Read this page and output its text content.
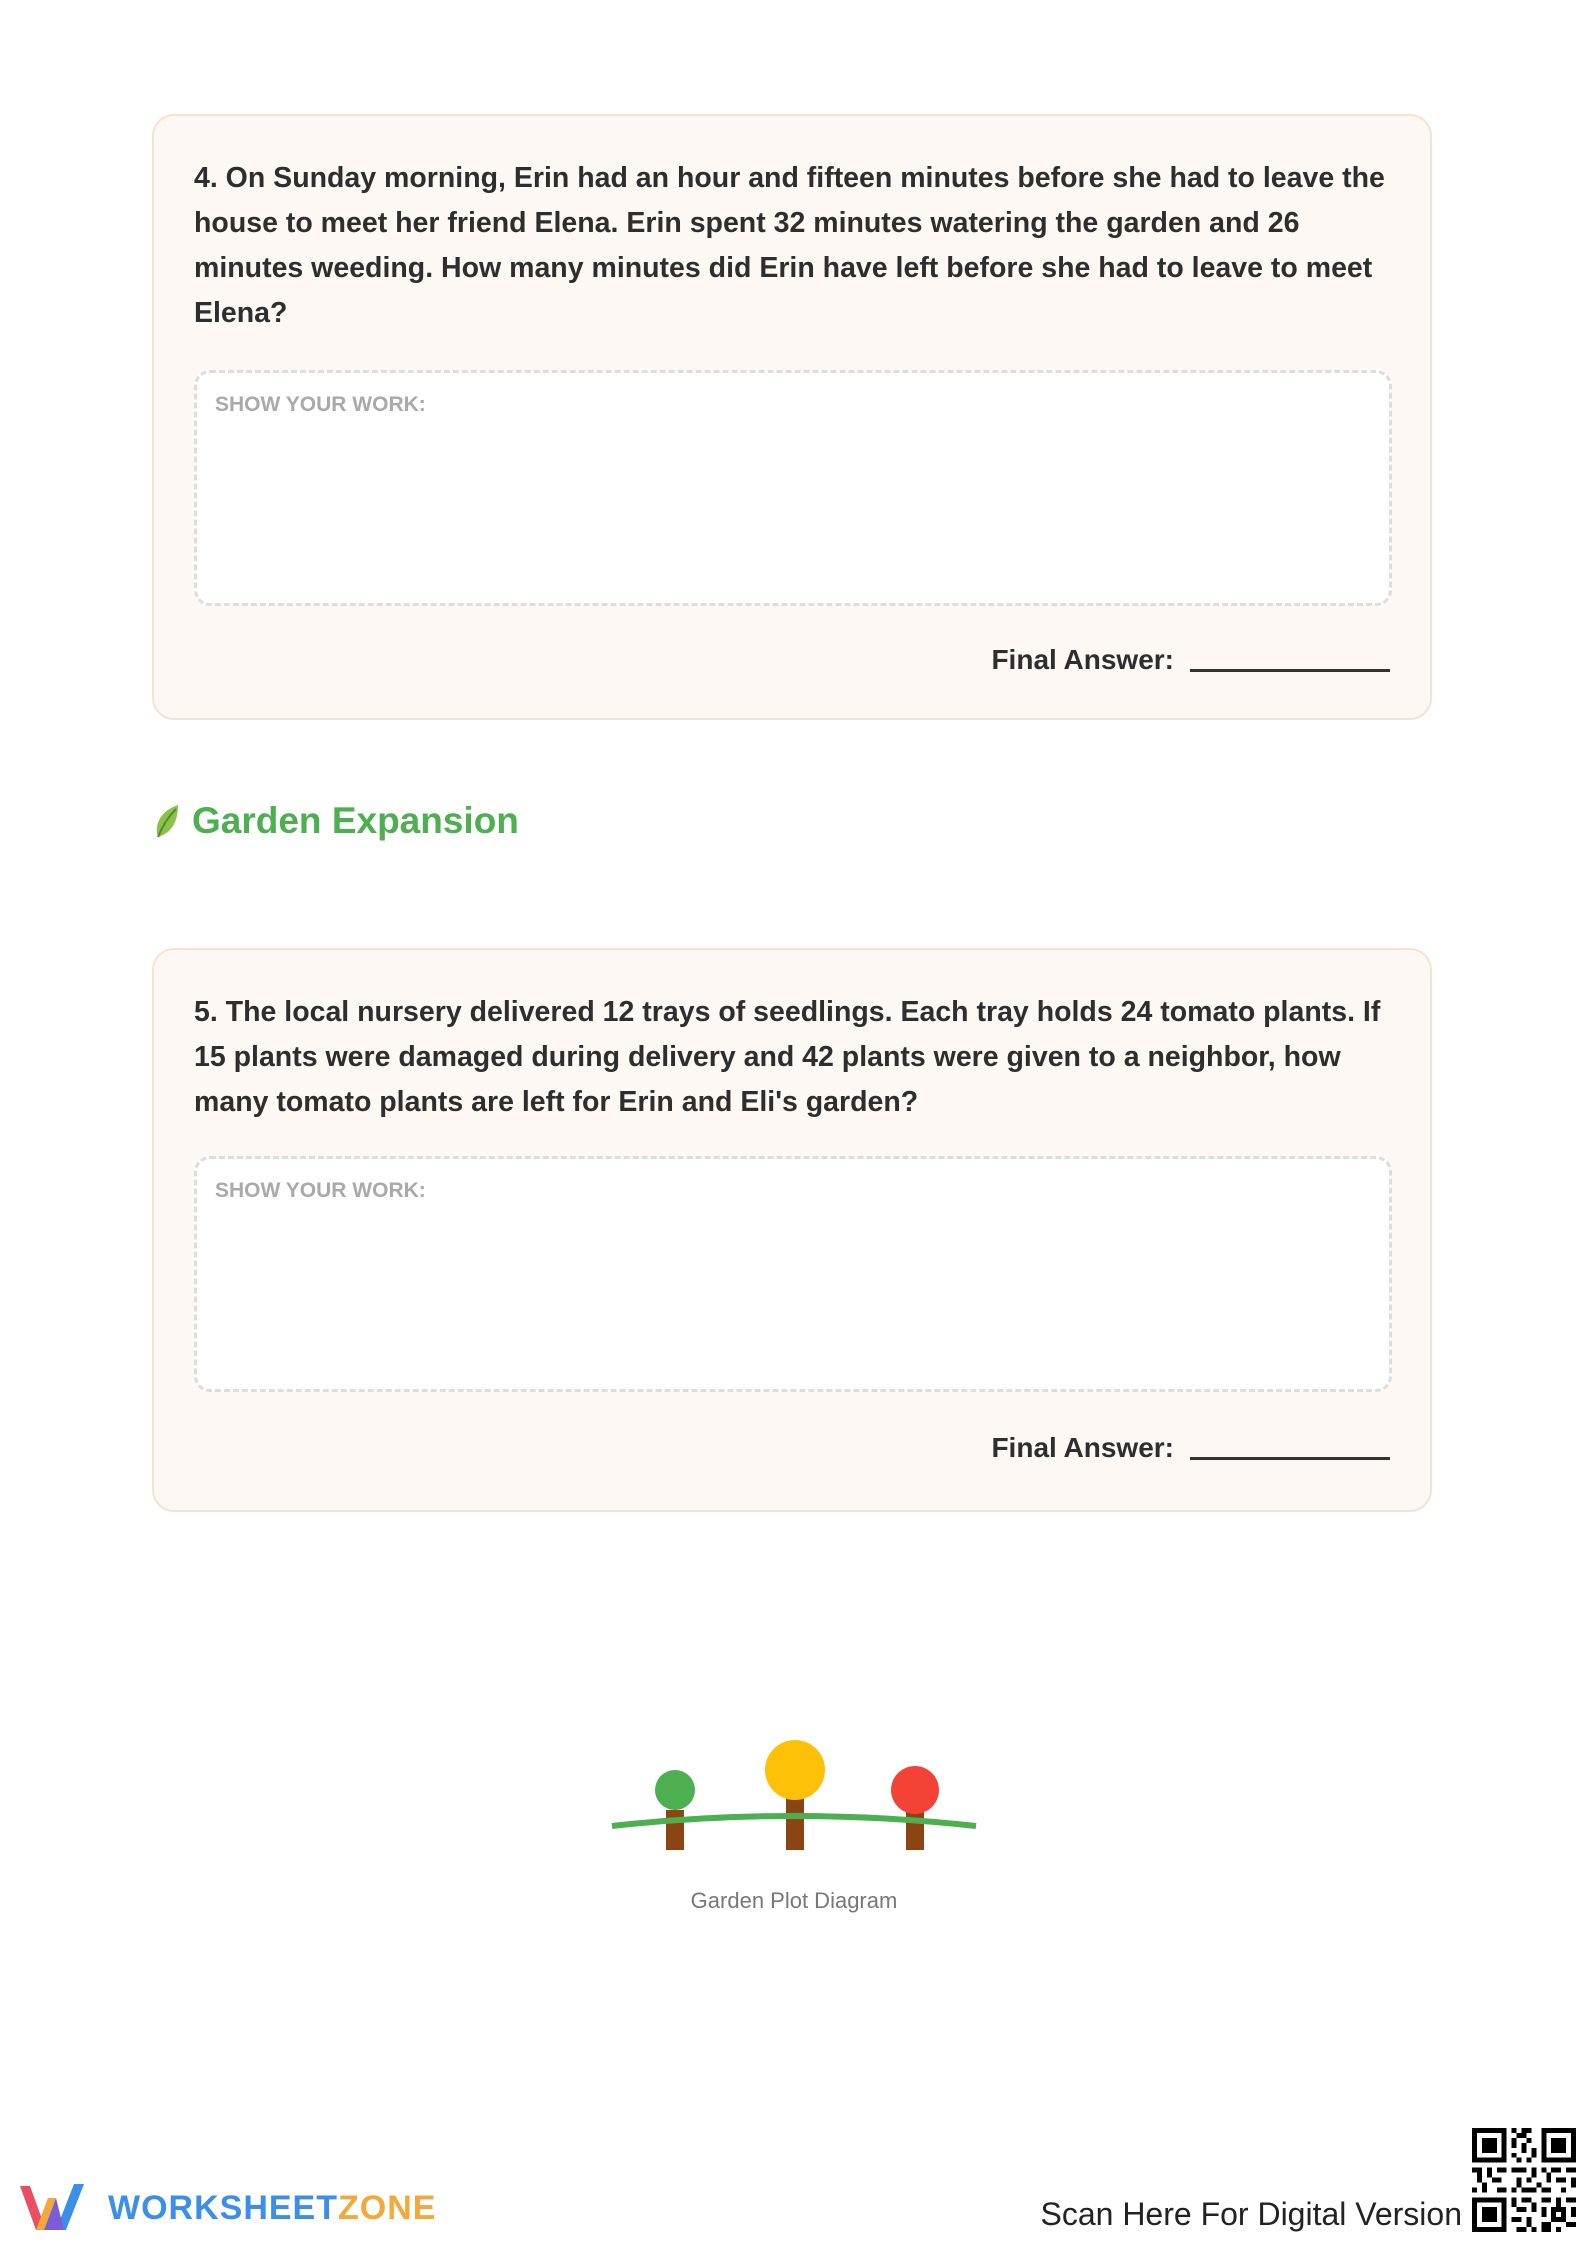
4. On Sunday morning, Erin had an hour and fifteen minutes before she had to leave the house to meet her friend Elena. Erin spent 32 minutes watering the garden and 26 minutes weeding. How many minutes did Erin have left before she had to leave to meet Elena?

SHOW YOUR WORK:
Final Answer:
Garden Expansion

5. The local nursery delivered 12 trays of seedlings. Each tray holds 24 tomato plants. If 15 plants were damaged during delivery and 42 plants were given to a neighbor, how many tomato plants are left for Erin and Eli's garden?

SHOW YOUR WORK:
Final Answer:
Garden Plot Diagram
WORKSHEETZONE	Scan Here For Digital Version
